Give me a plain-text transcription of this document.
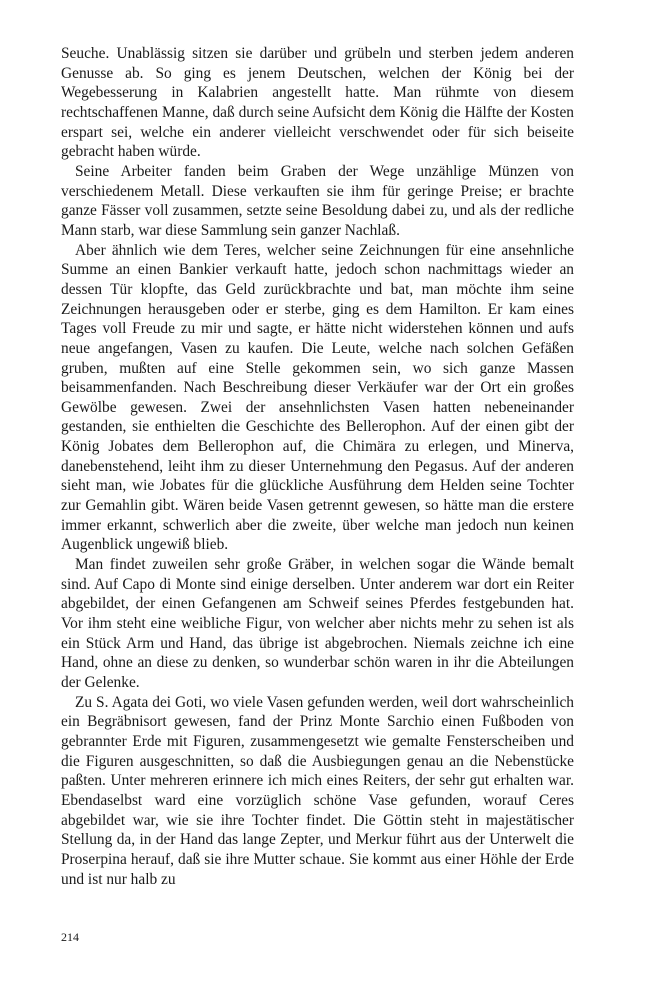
Seuche. Unablässig sitzen sie darüber und grübeln und sterben jedem anderen Genusse ab. So ging es jenem Deutschen, welchen der König bei der Wegebesserung in Kalabrien angestellt hatte. Man rühmte von diesem rechtschaffenen Manne, daß durch seine Aufsicht dem König die Hälfte der Kosten erspart sei, welche ein anderer vielleicht verschwendet oder für sich beiseite gebracht haben würde.

Seine Arbeiter fanden beim Graben der Wege unzählige Münzen von verschiedenem Metall. Diese verkauften sie ihm für geringe Preise; er brachte ganze Fässer voll zusammen, setzte seine Besoldung dabei zu, und als der redliche Mann starb, war diese Sammlung sein ganzer Nachlaß.

Aber ähnlich wie dem Teres, welcher seine Zeichnungen für eine ansehnliche Summe an einen Bankier verkauft hatte, jedoch schon nachmittags wieder an dessen Tür klopfte, das Geld zurückbrachte und bat, man möchte ihm seine Zeichnungen herausgeben oder er sterbe, ging es dem Hamilton. Er kam eines Tages voll Freude zu mir und sagte, er hätte nicht widerstehen können und aufs neue angefangen, Vasen zu kaufen. Die Leute, welche nach solchen Gefäßen gruben, mußten auf eine Stelle gekommen sein, wo sich ganze Massen beisammenfanden. Nach Beschreibung dieser Verkäufer war der Ort ein großes Gewölbe gewesen. Zwei der ansehnlichsten Vasen hatten nebeneinander gestanden, sie enthielten die Geschichte des Bellerophon. Auf der einen gibt der König Jobates dem Bellerophon auf, die Chimära zu erlegen, und Minerva, danebenstehend, leiht ihm zu dieser Unternehmung den Pegasus. Auf der anderen sieht man, wie Jobates für die glückliche Ausführung dem Helden seine Tochter zur Gemahlin gibt. Wären beide Vasen getrennt gewesen, so hätte man die erstere immer erkannt, schwerlich aber die zweite, über welche man jedoch nun keinen Augenblick ungewiß blieb.

Man findet zuweilen sehr große Gräber, in welchen sogar die Wände bemalt sind. Auf Capo di Monte sind einige derselben. Unter anderem war dort ein Reiter abgebildet, der einen Gefangenen am Schweif seines Pferdes festgebunden hat. Vor ihm steht eine weibliche Figur, von welcher aber nichts mehr zu sehen ist als ein Stück Arm und Hand, das übrige ist abgebrochen. Niemals zeichne ich eine Hand, ohne an diese zu denken, so wunderbar schön waren in ihr die Abteilungen der Gelenke.

Zu S. Agata dei Goti, wo viele Vasen gefunden werden, weil dort wahrscheinlich ein Begräbnisort gewesen, fand der Prinz Monte Sarchio einen Fußboden von gebrannter Erde mit Figuren, zusammengesetzt wie gemalte Fensterscheiben und die Figuren ausgeschnitten, so daß die Ausbiegungen genau an die Nebenstücke paßten. Unter mehreren erinnere ich mich eines Reiters, der sehr gut erhalten war. Ebendaselbst ward eine vorzüglich schöne Vase gefunden, worauf Ceres abgebildet war, wie sie ihre Tochter findet. Die Göttin steht in majestätischer Stellung da, in der Hand das lange Zepter, und Merkur führt aus der Unterwelt die Proserpina herauf, daß sie ihre Mutter schaue. Sie kommt aus einer Höhle der Erde und ist nur halb zu

214
